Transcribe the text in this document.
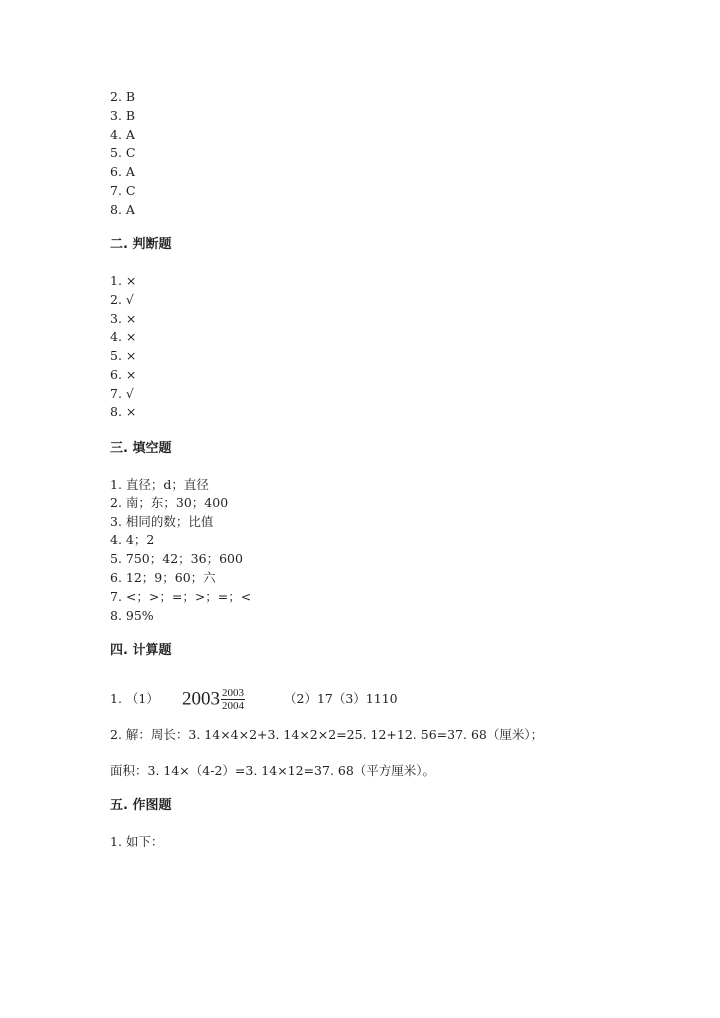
2. B
3. B
4. A
5. C
6. A
7. C
8. A
二. 判断题
1. ×
2. √
3. ×
4. ×
5. ×
6. ×
7. √
8. ×
三. 填空题
1. 直径；d；直径
2. 南；东；30；400
3. 相同的数；比值
4. 4；2
5. 750；42；36；600
6. 12；9；60；六
7. <；>；=；>；=；<
8. 95%
四. 计算题
1. （1） $2003 \frac{2003}{2004}$	（2）17（3）1110
2. 解：周长：3. 14×4×2+3. 14×2×2=25. 12+12. 56=37. 68（厘米）；
面积：3. 14×（4-2）=3. 14×12=37. 68（平方厘米）。
五. 作图题
1. 如下：
